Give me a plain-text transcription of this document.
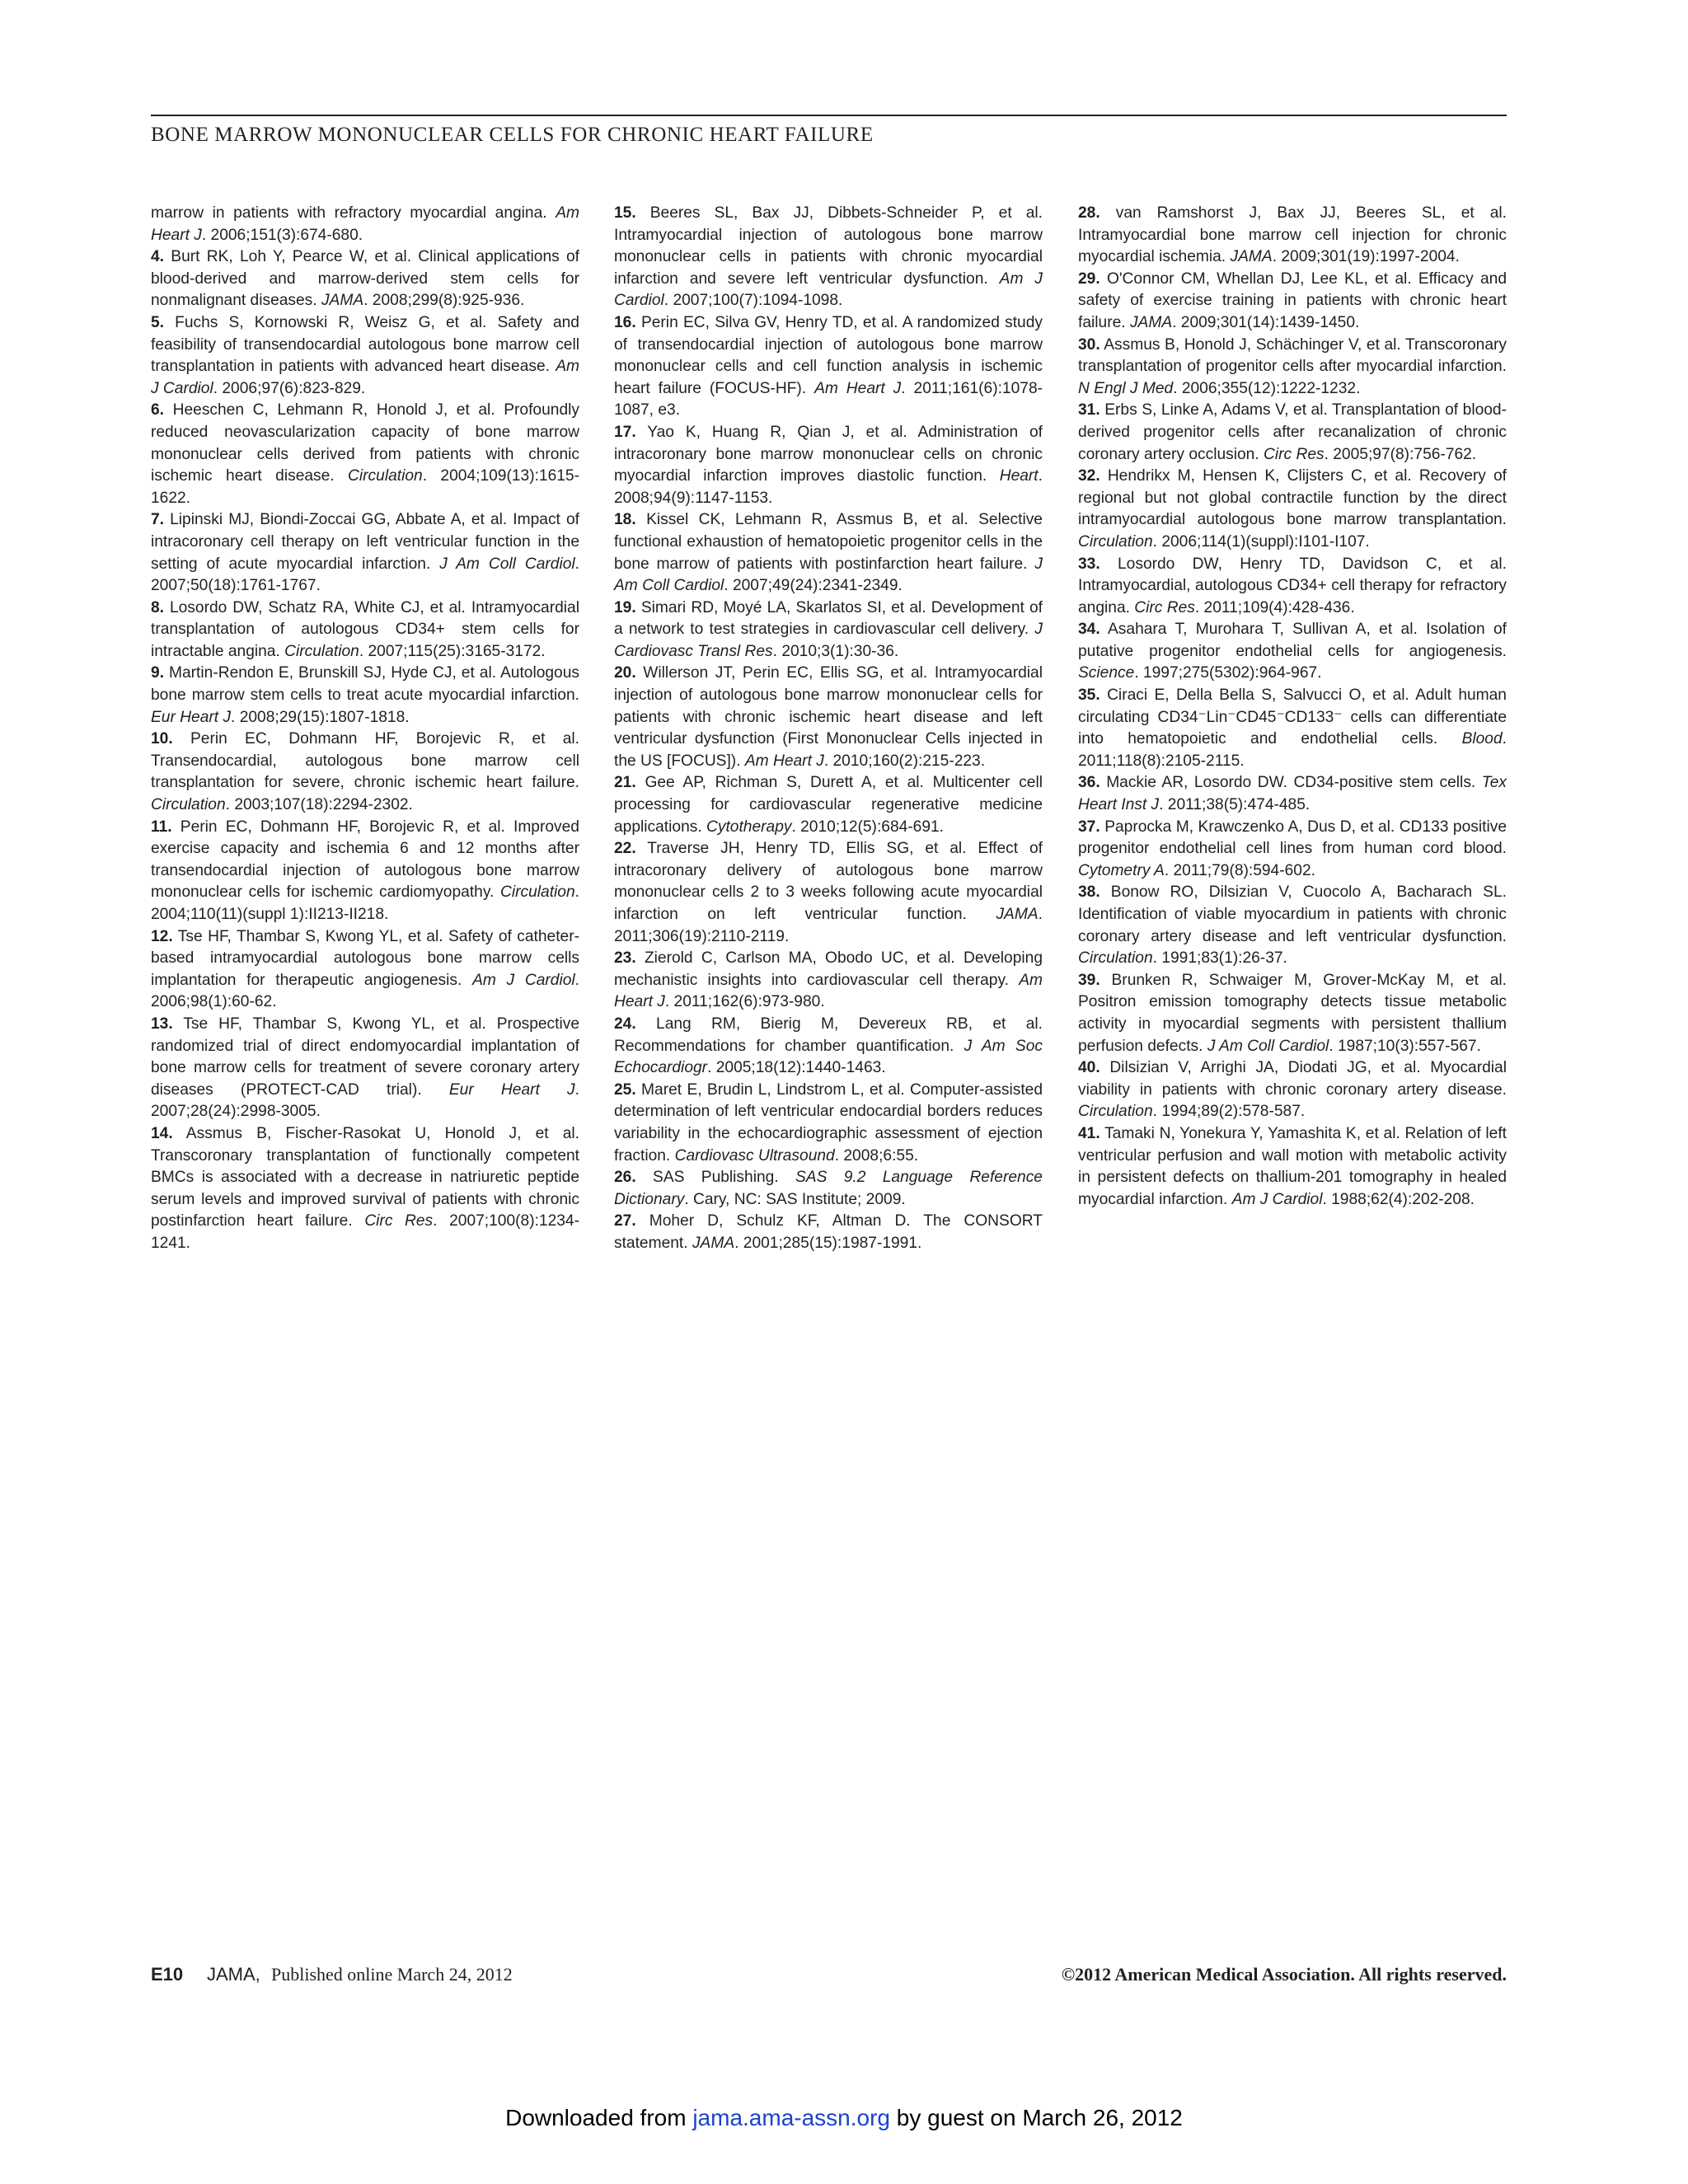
BONE MARROW MONONUCLEAR CELLS FOR CHRONIC HEART FAILURE

marrow in patients with refractory myocardial angina. Am Heart J. 2006;151(3):674-680.

4. Burt RK, Loh Y, Pearce W, et al. Clinical applications of blood-derived and marrow-derived stem cells for nonmalignant diseases. JAMA. 2008;299(8):925-936.

5. Fuchs S, Kornowski R, Weisz G, et al. Safety and feasibility of transendocardial autologous bone marrow cell transplantation in patients with advanced heart disease. Am J Cardiol. 2006;97(6):823-829.

6. Heeschen C, Lehmann R, Honold J, et al. Profoundly reduced neovascularization capacity of bone marrow mononuclear cells derived from patients with chronic ischemic heart disease. Circulation. 2004;109(13):1615-1622.

7. Lipinski MJ, Biondi-Zoccai GG, Abbate A, et al. Impact of intracoronary cell therapy on left ventricular function in the setting of acute myocardial infarction. J Am Coll Cardiol. 2007;50(18):1761-1767.

8. Losordo DW, Schatz RA, White CJ, et al. Intramyocardial transplantation of autologous CD34+ stem cells for intractable angina. Circulation. 2007;115(25):3165-3172.

9. Martin-Rendon E, Brunskill SJ, Hyde CJ, et al. Autologous bone marrow stem cells to treat acute myocardial infarction. Eur Heart J. 2008;29(15):1807-1818.

10. Perin EC, Dohmann HF, Borojevic R, et al. Transendocardial, autologous bone marrow cell transplantation for severe, chronic ischemic heart failure. Circulation. 2003;107(18):2294-2302.

11. Perin EC, Dohmann HF, Borojevic R, et al. Improved exercise capacity and ischemia 6 and 12 months after transendocardial injection of autologous bone marrow mononuclear cells for ischemic cardiomyopathy. Circulation. 2004;110(11)(suppl 1):II213-II218.

12. Tse HF, Thambar S, Kwong YL, et al. Safety of catheter-based intramyocardial autologous bone marrow cells implantation for therapeutic angiogenesis. Am J Cardiol. 2006;98(1):60-62.

13. Tse HF, Thambar S, Kwong YL, et al. Prospective randomized trial of direct endomyocardial implantation of bone marrow cells for treatment of severe coronary artery diseases (PROTECT-CAD trial). Eur Heart J. 2007;28(24):2998-3005.

14. Assmus B, Fischer-Rasokat U, Honold J, et al. Transcoronary transplantation of functionally competent BMCs is associated with a decrease in natriuretic peptide serum levels and improved survival of patients with chronic postinfarction heart failure. Circ Res. 2007;100(8):1234-1241.

15. Beeres SL, Bax JJ, Dibbets-Schneider P, et al. Intramyocardial injection of autologous bone marrow mononuclear cells in patients with chronic myocardial infarction and severe left ventricular dysfunction. Am J Cardiol. 2007;100(7):1094-1098.

16. Perin EC, Silva GV, Henry TD, et al. A randomized study of transendocardial injection of autologous bone marrow mononuclear cells and cell function analysis in ischemic heart failure (FOCUS-HF). Am Heart J. 2011;161(6):1078-1087, e3.

17. Yao K, Huang R, Qian J, et al. Administration of intracoronary bone marrow mononuclear cells on chronic myocardial infarction improves diastolic function. Heart. 2008;94(9):1147-1153.

18. Kissel CK, Lehmann R, Assmus B, et al. Selective functional exhaustion of hematopoietic progenitor cells in the bone marrow of patients with postinfarction heart failure. J Am Coll Cardiol. 2007;49(24):2341-2349.

19. Simari RD, Moyé LA, Skarlatos SI, et al. Development of a network to test strategies in cardiovascular cell delivery. J Cardiovasc Transl Res. 2010;3(1):30-36.

20. Willerson JT, Perin EC, Ellis SG, et al. Intramyocardial injection of autologous bone marrow mononuclear cells for patients with chronic ischemic heart disease and left ventricular dysfunction (First Mononuclear Cells injected in the US [FOCUS]). Am Heart J. 2010;160(2):215-223.

21. Gee AP, Richman S, Durett A, et al. Multicenter cell processing for cardiovascular regenerative medicine applications. Cytotherapy. 2010;12(5):684-691.

22. Traverse JH, Henry TD, Ellis SG, et al. Effect of intracoronary delivery of autologous bone marrow mononuclear cells 2 to 3 weeks following acute myocardial infarction on left ventricular function. JAMA. 2011;306(19):2110-2119.

23. Zierold C, Carlson MA, Obodo UC, et al. Developing mechanistic insights into cardiovascular cell therapy. Am Heart J. 2011;162(6):973-980.

24. Lang RM, Bierig M, Devereux RB, et al. Recommendations for chamber quantification. J Am Soc Echocardiogr. 2005;18(12):1440-1463.

25. Maret E, Brudin L, Lindstrom L, et al. Computer-assisted determination of left ventricular endocardial borders reduces variability in the echocardiographic assessment of ejection fraction. Cardiovasc Ultrasound. 2008;6:55.

26. SAS Publishing. SAS 9.2 Language Reference Dictionary. Cary, NC: SAS Institute; 2009.

27. Moher D, Schulz KF, Altman D. The CONSORT statement. JAMA. 2001;285(15):1987-1991.

28. van Ramshorst J, Bax JJ, Beeres SL, et al. Intramyocardial bone marrow cell injection for chronic myocardial ischemia. JAMA. 2009;301(19):1997-2004.

29. O'Connor CM, Whellan DJ, Lee KL, et al. Efficacy and safety of exercise training in patients with chronic heart failure. JAMA. 2009;301(14):1439-1450.

30. Assmus B, Honold J, Schächinger V, et al. Transcoronary transplantation of progenitor cells after myocardial infarction. N Engl J Med. 2006;355(12):1222-1232.

31. Erbs S, Linke A, Adams V, et al. Transplantation of blood-derived progenitor cells after recanalization of chronic coronary artery occlusion. Circ Res. 2005;97(8):756-762.

32. Hendrikx M, Hensen K, Clijsters C, et al. Recovery of regional but not global contractile function by the direct intramyocardial autologous bone marrow transplantation. Circulation. 2006;114(1)(suppl):I101-I107.

33. Losordo DW, Henry TD, Davidson C, et al. Intramyocardial, autologous CD34+ cell therapy for refractory angina. Circ Res. 2011;109(4):428-436.

34. Asahara T, Murohara T, Sullivan A, et al. Isolation of putative progenitor endothelial cells for angiogenesis. Science. 1997;275(5302):964-967.

35. Ciraci E, Della Bella S, Salvucci O, et al. Adult human circulating CD34⁻Lin⁻CD45⁻CD133⁻ cells can differentiate into hematopoietic and endothelial cells. Blood. 2011;118(8):2105-2115.

36. Mackie AR, Losordo DW. CD34-positive stem cells. Tex Heart Inst J. 2011;38(5):474-485.

37. Paprocka M, Krawczenko A, Dus D, et al. CD133 positive progenitor endothelial cell lines from human cord blood. Cytometry A. 2011;79(8):594-602.

38. Bonow RO, Dilsizian V, Cuocolo A, Bacharach SL. Identification of viable myocardium in patients with chronic coronary artery disease and left ventricular dysfunction. Circulation. 1991;83(1):26-37.

39. Brunken R, Schwaiger M, Grover-McKay M, et al. Positron emission tomography detects tissue metabolic activity in myocardial segments with persistent thallium perfusion defects. J Am Coll Cardiol. 1987;10(3):557-567.

40. Dilsizian V, Arrighi JA, Diodati JG, et al. Myocardial viability in patients with chronic coronary artery disease. Circulation. 1994;89(2):578-587.

41. Tamaki N, Yonekura Y, Yamashita K, et al. Relation of left ventricular perfusion and wall motion with metabolic activity in persistent defects on thallium-201 tomography in healed myocardial infarction. Am J Cardiol. 1988;62(4):202-208.

E10 JAMA, Published online March 24, 2012	©2012 American Medical Association. All rights reserved.
Downloaded from jama.ama-assn.org by guest on March 26, 2012
